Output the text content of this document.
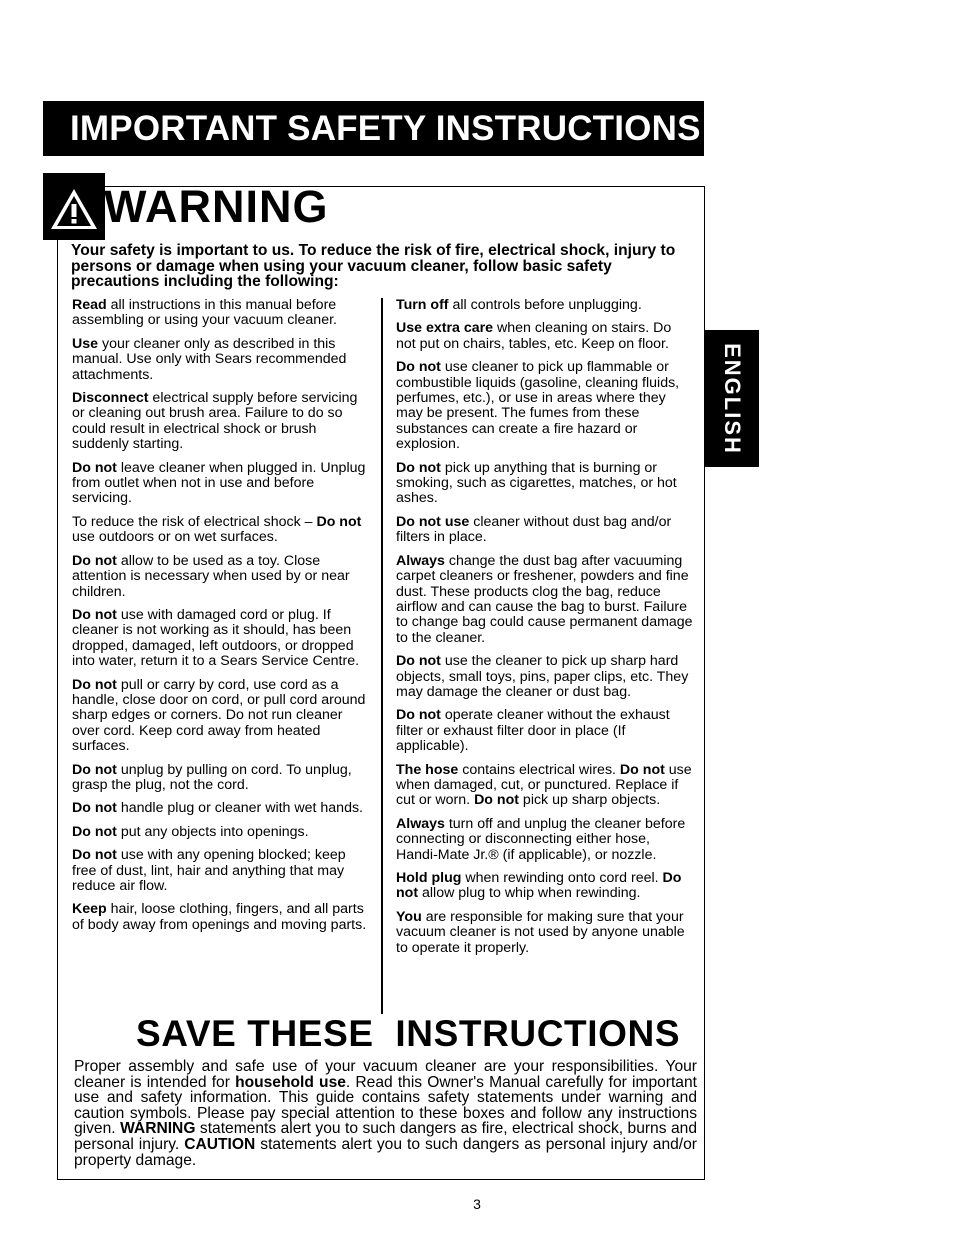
IMPORTANT SAFETY INSTRUCTIONS
WARNING
Your safety is important to us. To reduce the risk of fire, electrical shock, injury to persons or damage when using your vacuum cleaner, follow basic safety precautions including the following:

Read all instructions in this manual before assembling or using your vacuum cleaner.

Use your cleaner only as described in this manual. Use only with Sears recommended attachments.

Disconnect electrical supply before servicing or cleaning out brush area. Failure to do so could result in electrical shock or brush suddenly starting.

Do not leave cleaner when plugged in. Unplug from outlet when not in use and before servicing.

To reduce the risk of electrical shock – Do not use outdoors or on wet surfaces.

Do not allow to be used as a toy. Close attention is necessary when used by or near children.

Do not use with damaged cord or plug. If cleaner is not working as it should, has been dropped, damaged, left outdoors, or dropped into water, return it to a Sears Service Centre.

Do not pull or carry by cord, use cord as a handle, close door on cord, or pull cord around sharp edges or corners. Do not run cleaner over cord. Keep cord away from heated surfaces.

Do not unplug by pulling on cord. To unplug, grasp the plug, not the cord.

Do not handle plug or cleaner with wet hands.

Do not put any objects into openings.

Do not use with any opening blocked; keep free of dust, lint, hair and anything that may reduce air flow.

Keep hair, loose clothing, fingers, and all parts of body away from openings and moving parts.

Turn off all controls before unplugging.

Use extra care when cleaning on stairs. Do not put on chairs, tables, etc. Keep on floor.

Do not use cleaner to pick up flammable or combustible liquids (gasoline, cleaning fluids, perfumes, etc.), or use in areas where they may be present. The fumes from these substances can create a fire hazard or explosion.

Do not pick up anything that is burning or smoking, such as cigarettes, matches, or hot ashes.

Do not use cleaner without dust bag and/or filters in place.

Always change the dust bag after vacuuming carpet cleaners or freshener, powders and fine dust. These products clog the bag, reduce airflow and can cause the bag to burst. Failure to change bag could cause permanent damage to the cleaner.

Do not use the cleaner to pick up sharp hard objects, small toys, pins, paper clips, etc. They may damage the cleaner or dust bag.

Do not operate cleaner without the exhaust filter or exhaust filter door in place (If applicable).

The hose contains electrical wires. Do not use when damaged, cut, or punctured. Replace if cut or worn. Do not pick up sharp objects.

Always turn off and unplug the cleaner before connecting or disconnecting either hose, Handi-Mate Jr.® (if applicable), or nozzle.

Hold plug when rewinding onto cord reel. Do not allow plug to whip when rewinding.

You are responsible for making sure that your vacuum cleaner is not used by anyone unable to operate it properly.

SAVE THESE  INSTRUCTIONS
Proper assembly and safe use of your vacuum cleaner are your responsibilities. Your cleaner is intended for household use. Read this Owner's Manual carefully for important use and safety information. This guide contains safety statements under warning and caution symbols. Please pay special attention to these boxes and follow any instructions given. WARNING statements alert you to such dangers as fire, electrical shock, burns and personal injury. CAUTION statements alert you to such dangers as personal injury and/or property damage.
ENGLISH
3
